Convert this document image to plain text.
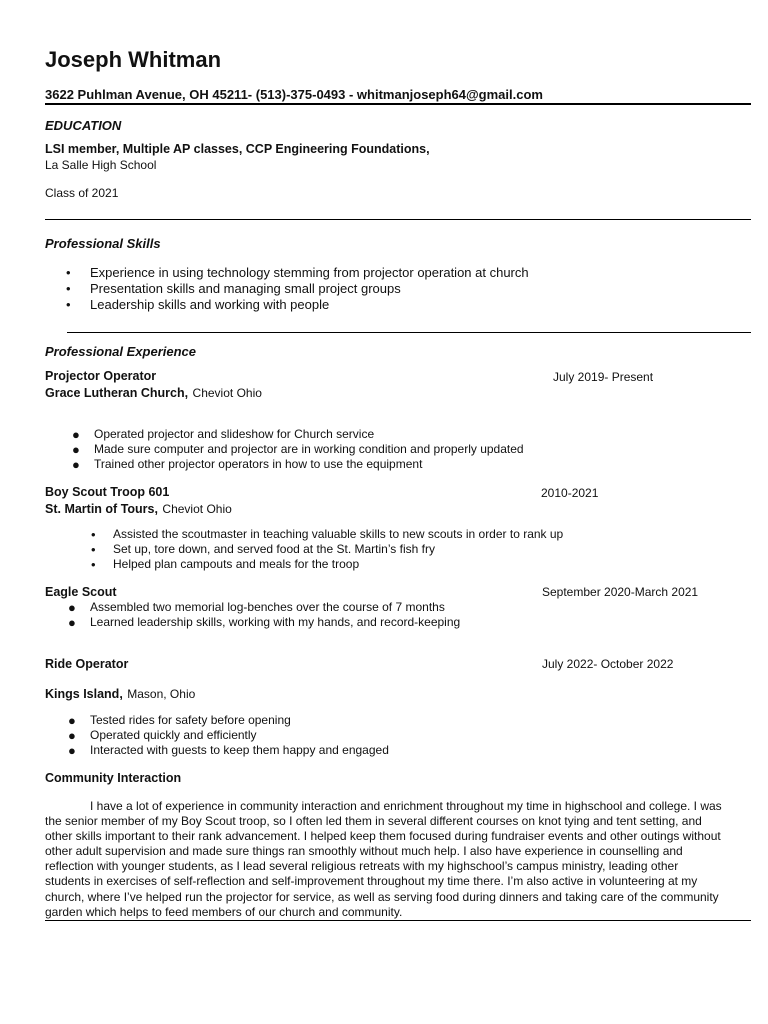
Joseph Whitman
3622 Puhlman Avenue, OH 45211- (513)-375-0493 - whitmanjoseph64@gmail.com
EDUCATION
LSI member, Multiple AP classes, CCP Engineering Foundations,
La Salle High School
Class of 2021
Professional Skills
• Experience in using technology stemming from projector operation at church
• Presentation skills and managing small project groups
• Leadership skills and working with people
Professional Experience
Projector Operator	July 2019- Present
Grace Lutheran Church, Cheviot Ohio
● Operated projector and slideshow for Church service
● Made sure computer and projector are in working condition and properly updated
● Trained other projector operators in how to use the equipment
Boy Scout Troop 601	2010-2021
St. Martin of Tours, Cheviot Ohio
• Assisted the scoutmaster in teaching valuable skills to new scouts in order to rank up
• Set up, tore down, and served food at the St. Martin’s fish fry
• Helped plan campouts and meals for the troop
Eagle Scout	September 2020-March 2021
● Assembled two memorial log-benches over the course of 7 months
● Learned leadership skills, working with my hands, and record-keeping
Ride Operator	July 2022- October 2022
Kings Island, Mason, Ohio
● Tested rides for safety before opening
● Operated quickly and efficiently
● Interacted with guests to keep them happy and engaged
Community Interaction

I have a lot of experience in community interaction and enrichment throughout my time in highschool and college. I was the senior member of my Boy Scout troop, so I often led them in several different courses on knot tying and tent setting, and other skills important to their rank advancement. I helped keep them focused during fundraiser events and other outings without other adult supervision and made sure things ran smoothly without much help. I also have experience in counselling and reflection with younger students, as I lead several religious retreats with my highschool’s campus ministry, leading other students in exercises of self-reflection and self-improvement throughout my time there. I’m also active in volunteering at my church, where I’ve helped run the projector for service, as well as serving food during dinners and taking care of the community garden which helps to feed members of our church and community.
